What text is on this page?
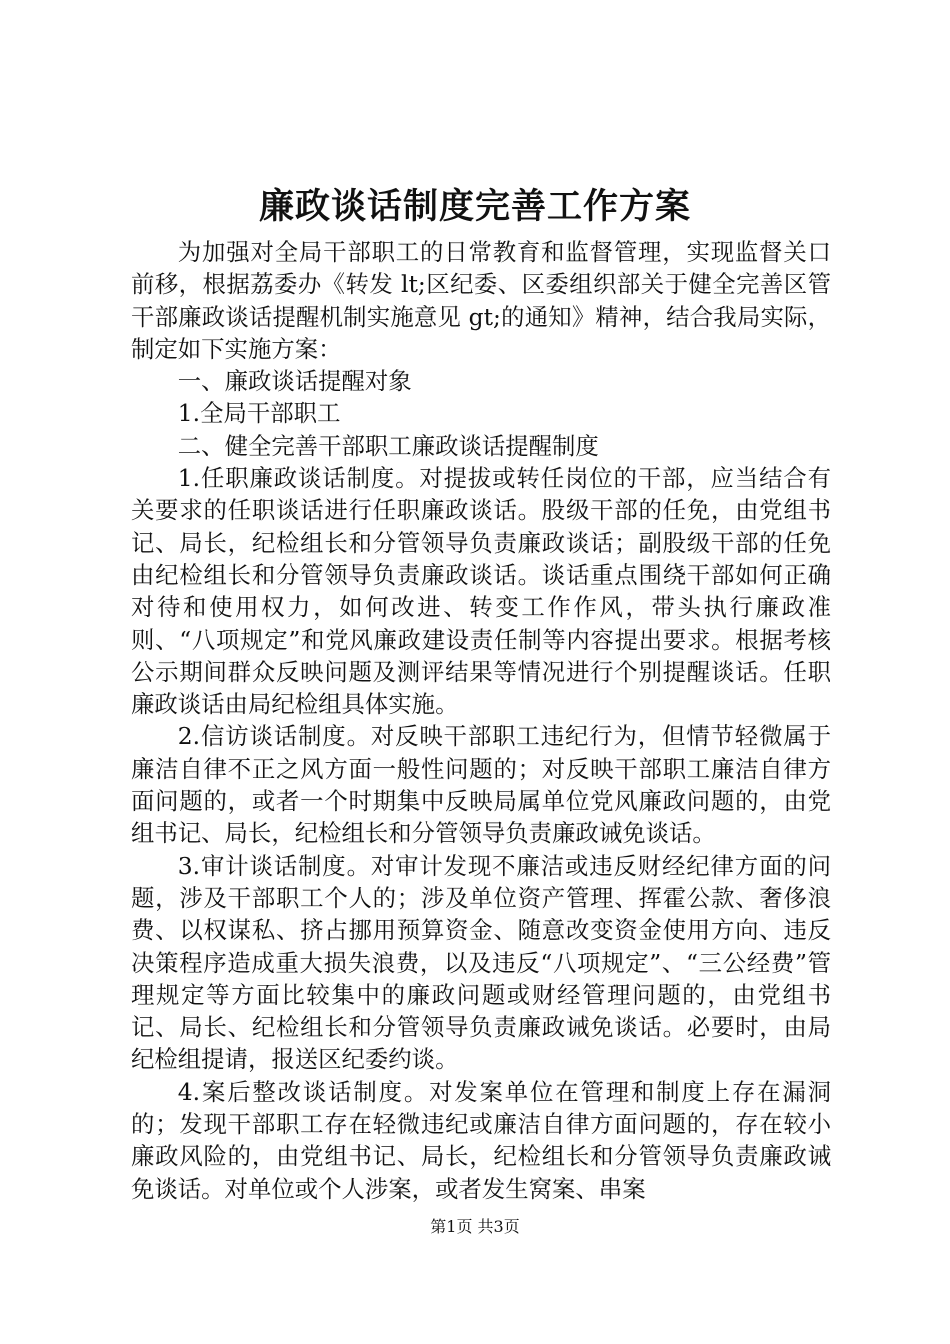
廉政谈话制度完善工作方案

为加强对全局干部职工的日常教育和监督管理，实现监督关口前移，根据荔委办《转发 lt;区纪委、区委组织部关于健全完善区管干部廉政谈话提醒机制实施意见 gt;的通知》精神，结合我局实际，制定如下实施方案：

一、廉政谈话提醒对象

1.全局干部职工

二、健全完善干部职工廉政谈话提醒制度

1.任职廉政谈话制度。对提拔或转任岗位的干部，应当结合有关要求的任职谈话进行任职廉政谈话。股级干部的任免，由党组书记、局长，纪检组长和分管领导负责廉政谈话；副股级干部的任免由纪检组长和分管领导负责廉政谈话。谈话重点围绕干部如何正确对待和使用权力，如何改进、转变工作作风，带头执行廉政准则、“八项规定”和党风廉政建设责任制等内容提出要求。根据考核公示期间群众反映问题及测评结果等情况进行个别提醒谈话。任职廉政谈话由局纪检组具体实施。

2.信访谈话制度。对反映干部职工违纪行为，但情节轻微属于廉洁自律不正之风方面一般性问题的；对反映干部职工廉洁自律方面问题的，或者一个时期集中反映局属单位党风廉政问题的，由党组书记、局长，纪检组长和分管领导负责廉政诫免谈话。

3.审计谈话制度。对审计发现不廉洁或违反财经纪律方面的问题，涉及干部职工个人的；涉及单位资产管理、挥霍公款、奢侈浪费、以权谋私、挤占挪用预算资金、随意改变资金使用方向、违反决策程序造成重大损失浪费，以及违反“八项规定”、“三公经费”管理规定等方面比较集中的廉政问题或财经管理问题的，由党组书记、局长、纪检组长和分管领导负责廉政诫免谈话。必要时，由局纪检组提请，报送区纪委约谈。

4.案后整改谈话制度。对发案单位在管理和制度上存在漏洞的；发现干部职工存在轻微违纪或廉洁自律方面问题的，存在较小廉政风险的，由党组书记、局长，纪检组长和分管领导负责廉政诫免谈话。对单位或个人涉案，或者发生窝案、串案

第1页 共3页
